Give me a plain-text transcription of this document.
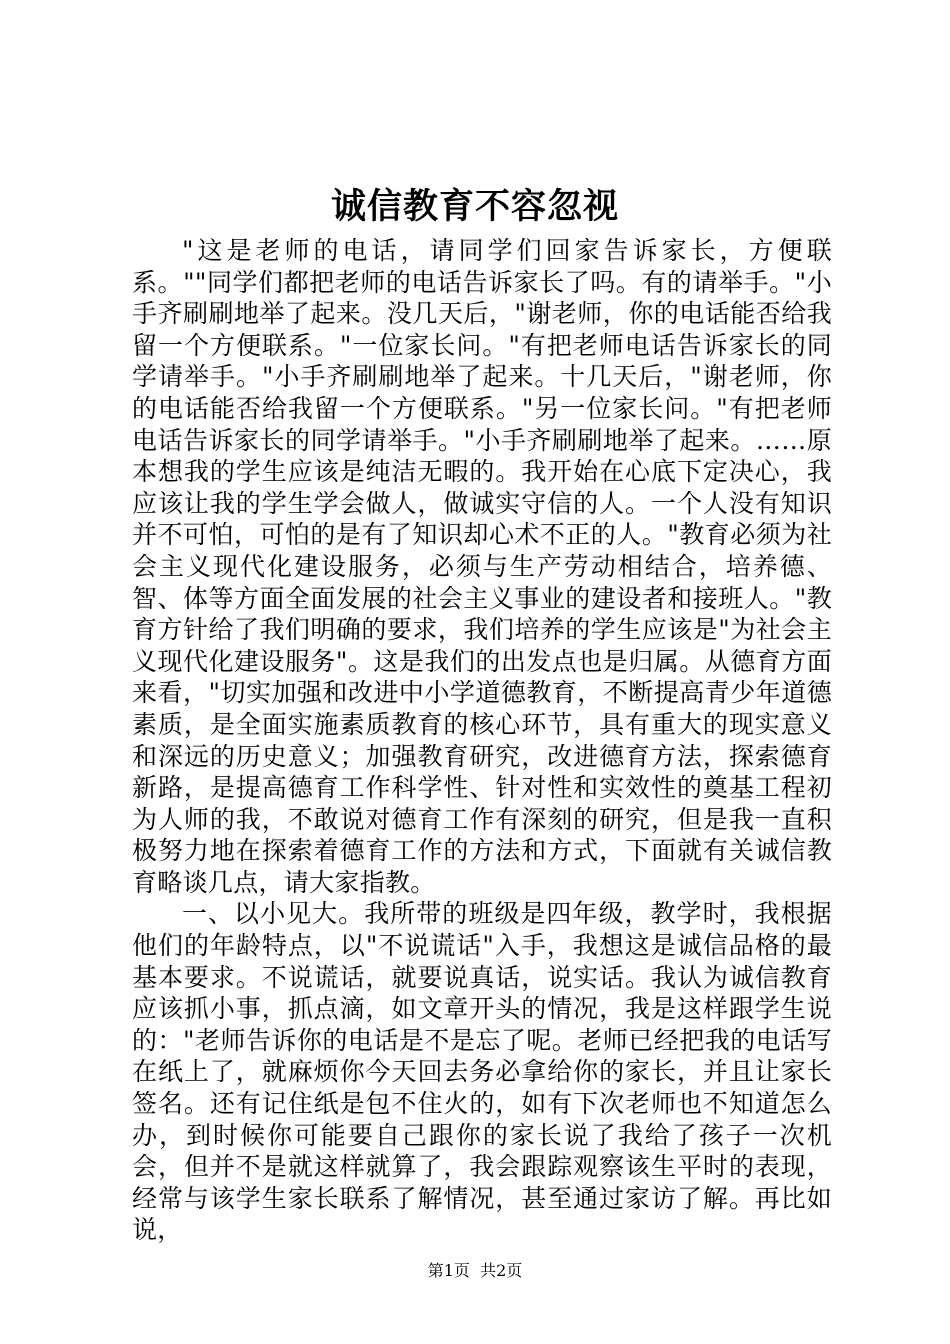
诚信教育不容忽视

"这是老师的电话，请同学们回家告诉家长，方便联系。""同学们都把老师的电话告诉家长了吗。有的请举手。"小手齐刷刷地举了起来。没几天后，"谢老师，你的电话能否给我留一个方便联系。"一位家长问。"有把老师电话告诉家长的同学请举手。"小手齐刷刷地举了起来。十几天后，"谢老师，你的电话能否给我留一个方便联系。"另一位家长问。"有把老师电话告诉家长的同学请举手。"小手齐刷刷地举了起来。……原本想我的学生应该是纯洁无暇的。我开始在心底下定决心，我应该让我的学生学会做人，做诚实守信的人。一个人没有知识并不可怕，可怕的是有了知识却心术不正的人。"教育必须为社会主义现代化建设服务，必须与生产劳动相结合，培养德、智、体等方面全面发展的社会主义事业的建设者和接班人。"教育方针给了我们明确的要求，我们培养的学生应该是"为社会主义现代化建设服务"。这是我们的出发点也是归属。从德育方面来看，"切实加强和改进中小学道德教育，不断提高青少年道德素质，是全面实施素质教育的核心环节，具有重大的现实意义和深远的历史意义；加强教育研究，改进德育方法，探索德育新路，是提高德育工作科学性、针对性和实效性的奠基工程初为人师的我，不敢说对德育工作有深刻的研究，但是我一直积极努力地在探索着德育工作的方法和方式，下面就有关诚信教育略谈几点，请大家指教。

一、以小见大。我所带的班级是四年级，教学时，我根据他们的年龄特点，以"不说谎话"入手，我想这是诚信品格的最基本要求。不说谎话，就要说真话，说实话。我认为诚信教育应该抓小事，抓点滴，如文章开头的情况，我是这样跟学生说的："老师告诉你的电话是不是忘了呢。老师已经把我的电话写在纸上了，就麻烦你今天回去务必拿给你的家长，并且让家长签名。还有记住纸是包不住火的，如有下次老师也不知道怎么办，到时候你可能要自己跟你的家长说了我给了孩子一次机会，但并不是就这样就算了，我会跟踪观察该生平时的表现，经常与该学生家长联系了解情况，甚至通过家访了解。再比如说，

第1页 共2页
